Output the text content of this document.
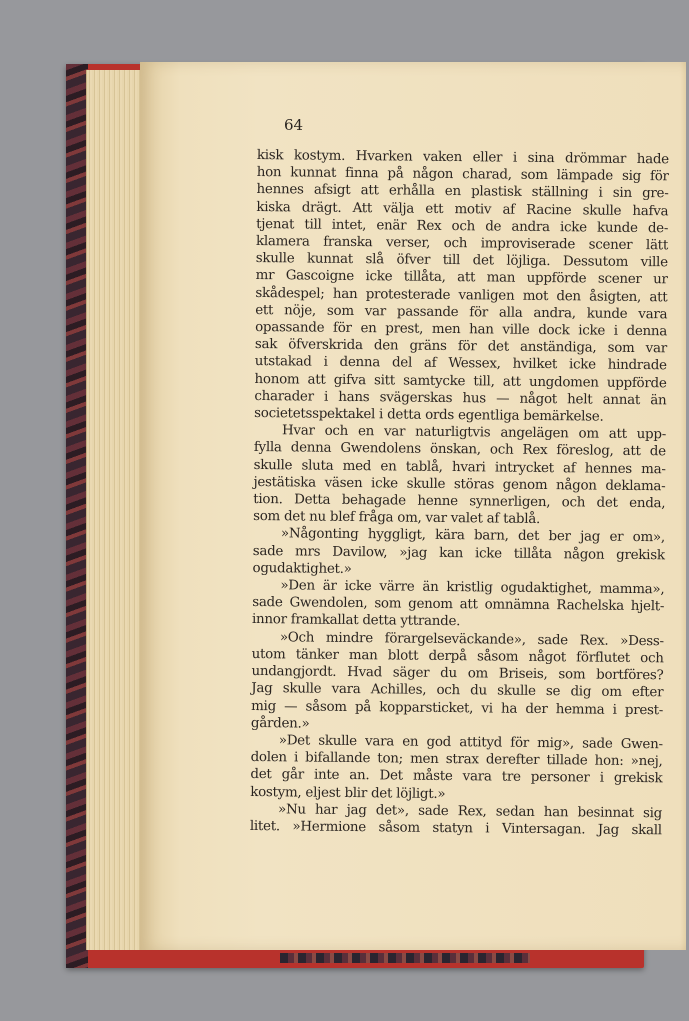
64
kisk kostym. Hvarken vaken eller i sina drömmar hade
hon kunnat finna på någon charad, som lämpade sig för
hennes afsigt att erhålla en plastisk ställning i sin gre-
kiska drägt. Att välja ett motiv af Racine skulle hafva
tjenat till intet, enär Rex och de andra icke kunde de-
klamera franska verser, och improviserade scener lätt
skulle kunnat slå öfver till det löjliga. Dessutom ville
mr Gascoigne icke tillåta, att man uppförde scener ur
skådespel; han protesterade vanligen mot den åsigten, att
ett nöje, som var passande för alla andra, kunde vara
opassande för en prest, men han ville dock icke i denna
sak öfverskrida den gräns för det anständiga, som var
utstakad i denna del af Wessex, hvilket icke hindrade
honom att gifva sitt samtycke till, att ungdomen uppförde
charader i hans svägerskas hus — något helt annat än
societetsspektakel i detta ords egentliga bemärkelse.
Hvar och en var naturligtvis angelägen om att upp-
fylla denna Gwendolens önskan, och Rex föreslog, att de
skulle sluta med en tablå, hvari intrycket af hennes ma-
jestätiska väsen icke skulle störas genom någon deklama-
tion. Detta behagade henne synnerligen, och det enda,
som det nu blef fråga om, var valet af tablå.
»Någonting hyggligt, kära barn, det ber jag er om»,
sade mrs Davilow, »jag kan icke tillåta någon grekisk
ogudaktighet.»
»Den är icke värre än kristlig ogudaktighet, mamma»,
sade Gwendolen, som genom att omnämna Rachelska hjelt-
innor framkallat detta yttrande.
»Och mindre förargelseväckande», sade Rex. »Dess-
utom tänker man blott derpå såsom något förflutet och
undangjordt. Hvad säger du om Briseis, som bortföres?
Jag skulle vara Achilles, och du skulle se dig om efter
mig — såsom på kopparsticket, vi ha der hemma i prest-
gården.»
»Det skulle vara en god attityd för mig», sade Gwen-
dolen i bifallande ton; men strax derefter tillade hon: »nej,
det går inte an. Det måste vara tre personer i grekisk
kostym, eljest blir det löjligt.»
»Nu har jag det», sade Rex, sedan han besinnat sig
litet. »Hermione såsom statyn i Vintersagan. Jag skall
